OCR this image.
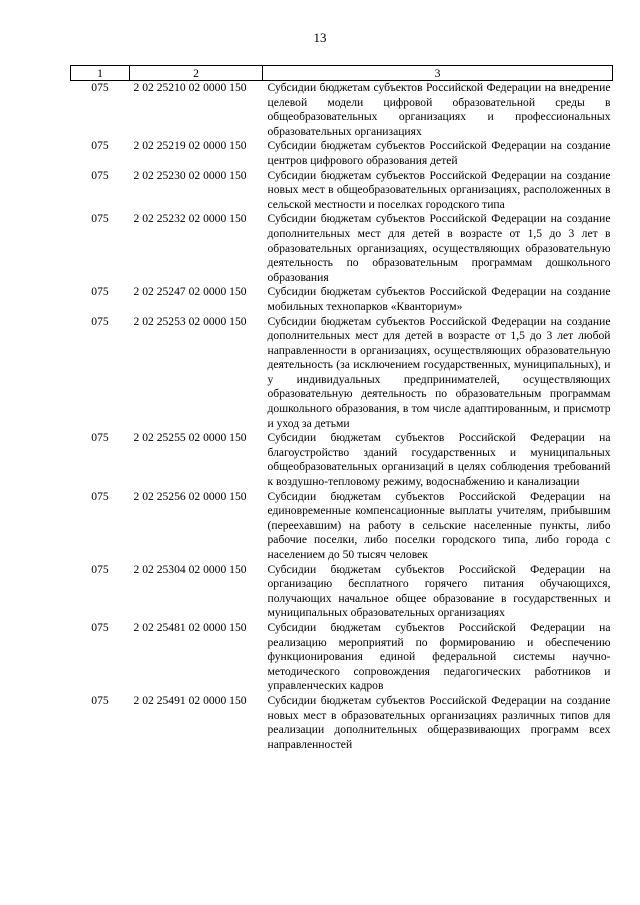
13
1	2	3
075	2 02 25210 02 0000 150	Субсидии бюджетам субъектов Российской Федерации на внедрение целевой модели цифровой образовательной среды в общеобразовательных организациях и профессиональных образовательных организациях
075	2 02 25219 02 0000 150	Субсидии бюджетам субъектов Российской Федерации на создание центров цифрового образования детей
075	2 02 25230 02 0000 150	Субсидии бюджетам субъектов Российской Федерации на создание новых мест в общеобразовательных организациях, расположенных в сельской местности и поселках городского типа
075	2 02 25232 02 0000 150	Субсидии бюджетам субъектов Российской Федерации на создание дополнительных мест для детей в возрасте от 1,5 до 3 лет в образовательных организациях, осуществляющих образовательную деятельность по образовательным программам дошкольного образования
075	2 02 25247 02 0000 150	Субсидии бюджетам субъектов Российской Федерации на создание мобильных технопарков «Кванториум»
075	2 02 25253 02 0000 150	Субсидии бюджетам субъектов Российской Федерации на создание дополнительных мест для детей в возрасте от 1,5 до 3 лет любой направленности в организациях, осуществляющих образовательную деятельность (за исключением государственных, муниципальных), и у индивидуальных предпринимателей, осуществляющих образовательную деятельность по образовательным программам дошкольного образования, в том числе адаптированным, и присмотр и уход за детьми
075	2 02 25255 02 0000 150	Субсидии бюджетам субъектов Российской Федерации на благоустройство зданий государственных и муниципальных общеобразовательных организаций в целях соблюдения требований к воздушно-тепловому режиму, водоснабжению и канализации
075	2 02 25256 02 0000 150	Субсидии бюджетам субъектов Российской Федерации на единовременные компенсационные выплаты учителям, прибывшим (переехавшим) на работу в сельские населенные пункты, либо рабочие поселки, либо поселки городского типа, либо города с населением до 50 тысяч человек
075	2 02 25304 02 0000 150	Субсидии бюджетам субъектов Российской Федерации на организацию бесплатного горячего питания обучающихся, получающих начальное общее образование в государственных и муниципальных образовательных организациях
075	2 02 25481 02 0000 150	Субсидии бюджетам субъектов Российской Федерации на реализацию мероприятий по формированию и обеспечению функционирования единой федеральной системы научно-методического сопровождения педагогических работников и управленческих кадров
075	2 02 25491 02 0000 150	Субсидии бюджетам субъектов Российской Федерации на создание новых мест в образовательных организациях различных типов для реализации дополнительных общеразвивающих программ всех направленностей
